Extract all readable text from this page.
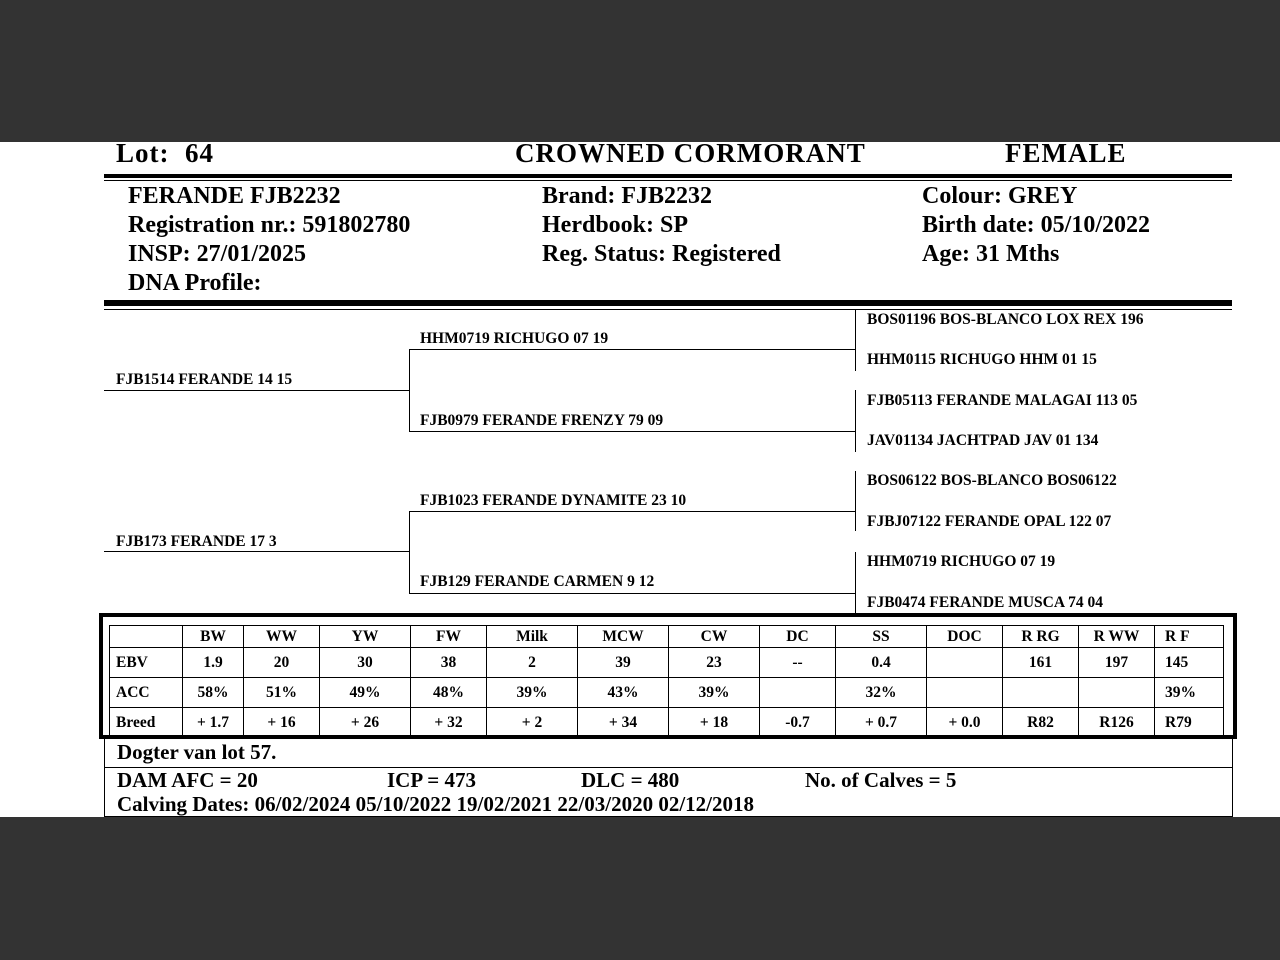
Lot: 64	CROWNED CORMORANT	FEMALE
FERANDE FJB2232
Registration nr.: 591802780
INSP: 27/01/2025
DNA Profile:
Brand: FJB2232
Herdbook: SP
Reg. Status: Registered
Colour: GREY
Birth date: 05/10/2022
Age: 31 Mths
FJB1514 FERANDE 14 15
FJB173 FERANDE 17 3
HHM0719 RICHUGO 07 19
FJB0979 FERANDE FRENZY 79 09
FJB1023 FERANDE DYNAMITE 23 10
FJB129 FERANDE CARMEN 9 12
BOS01196 BOS-BLANCO LOX REX 196
HHM0115 RICHUGO HHM 01 15
FJB05113 FERANDE MALAGAI 113 05
JAV01134 JACHTPAD JAV 01 134
BOS06122 BOS-BLANCO BOS06122
FJBJ07122 FERANDE OPAL 122 07
HHM0719 RICHUGO 07 19
FJB0474 FERANDE MUSCA 74 04
	BW	WW	YW	FW	Milk	MCW	CW	DC	SS	DOC	R RG	R WW	R F
EBV	1.9	20	30	38	2	39	23	--	0.4		161	197	145
ACC	58%	51%	49%	48%	39%	43%	39%		32%				39%
Breed	+ 1.7	+ 16	+ 26	+ 32	+ 2	+ 34	+ 18	-0.7	+ 0.7	+ 0.0	R82	R126	R79
Dogter van lot 57.
DAM AFC = 20	ICP = 473	DLC = 480	No. of Calves = 5
Calving Dates: 06/02/2024 05/10/2022 19/02/2021 22/03/2020 02/12/2018
